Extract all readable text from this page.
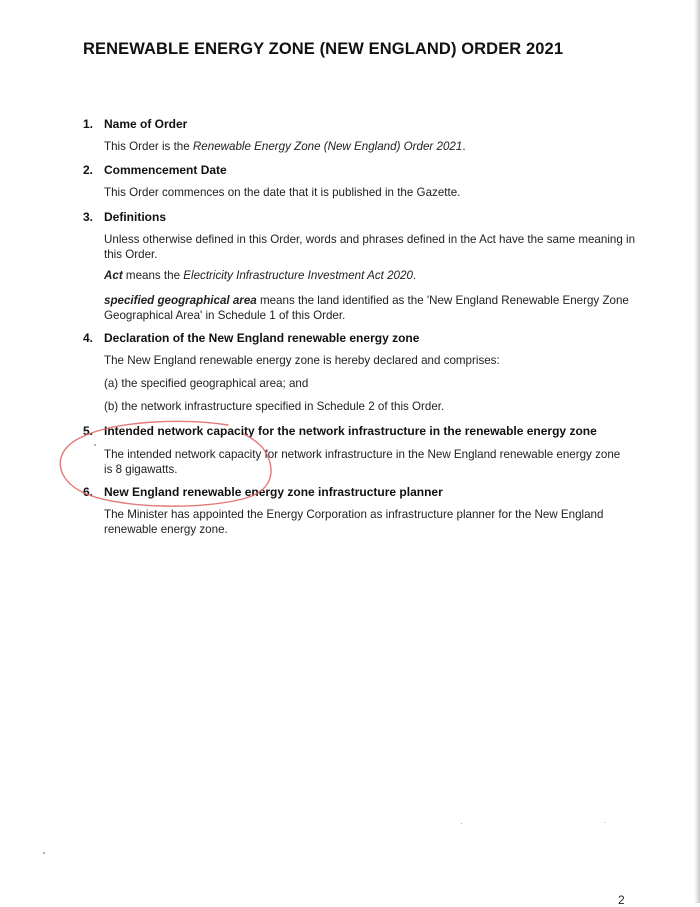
RENEWABLE ENERGY ZONE (NEW ENGLAND) ORDER 2021
1. Name of Order
This Order is the Renewable Energy Zone (New England) Order 2021.
2. Commencement Date
This Order commences on the date that it is published in the Gazette.
3. Definitions
Unless otherwise defined in this Order, words and phrases defined in the Act have the same meaning in this Order.
Act means the Electricity Infrastructure Investment Act 2020.
specified geographical area means the land identified as the 'New England Renewable Energy Zone Geographical Area' in Schedule 1 of this Order.
4. Declaration of the New England renewable energy zone
The New England renewable energy zone is hereby declared and comprises:
(a) the specified geographical area; and
(b) the network infrastructure specified in Schedule 2 of this Order.
5. Intended network capacity for the network infrastructure in the renewable energy zone
The intended network capacity for network infrastructure in the New England renewable energy zone is 8 gigawatts.
6. New England renewable energy zone infrastructure planner
The Minister has appointed the Energy Corporation as infrastructure planner for the New England renewable energy zone.
2
